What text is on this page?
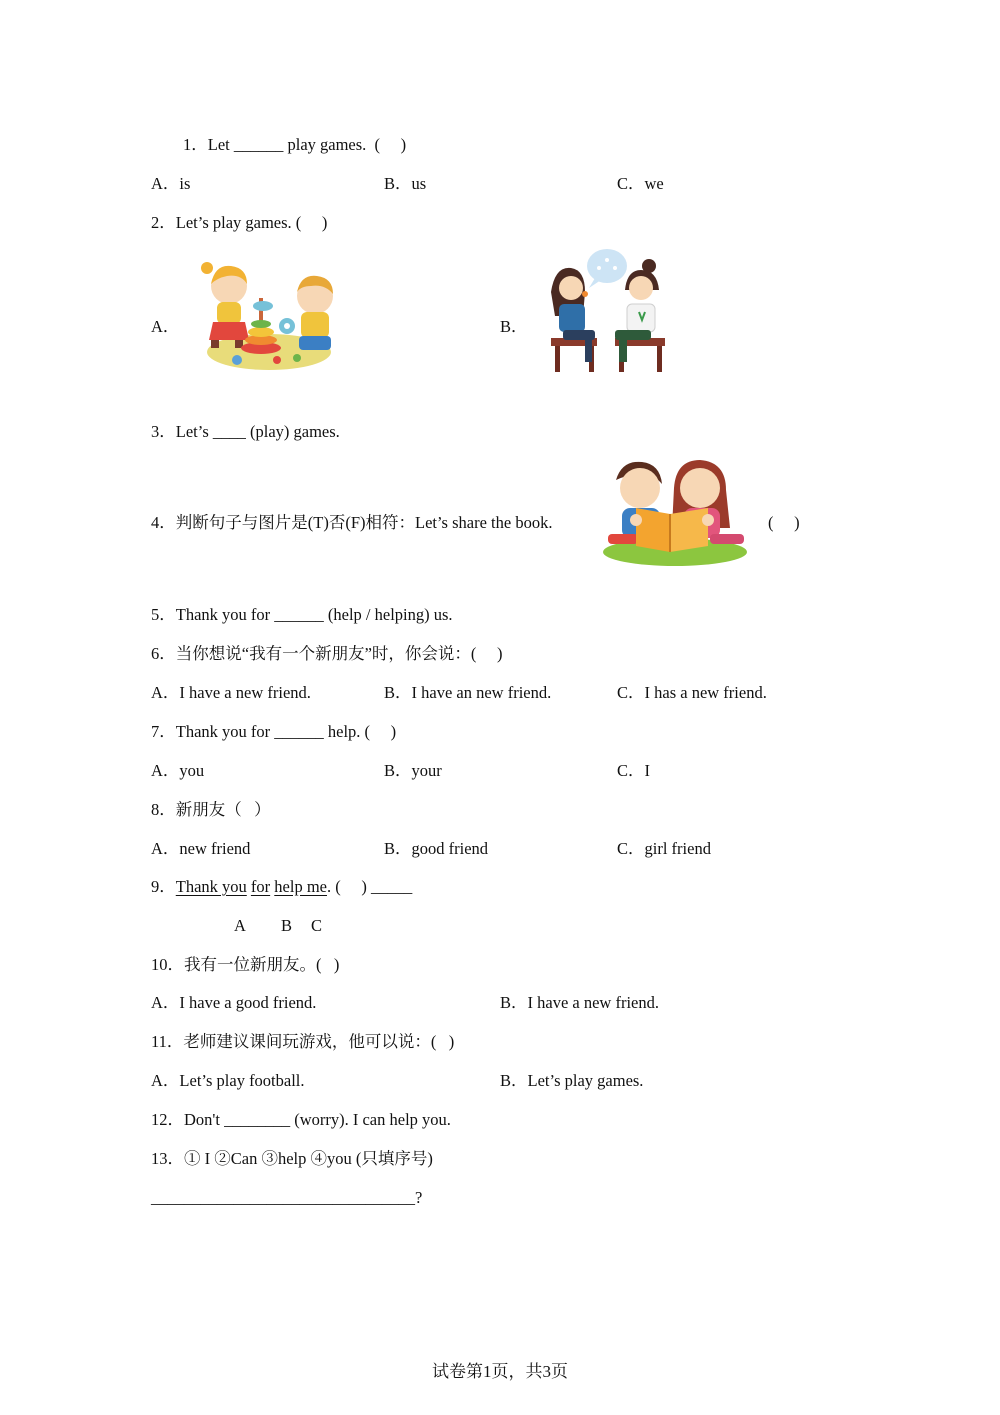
1．Let ______ play games.  (     )
A．is	B．us	C．we
2．Let’s play games. (     )
A．	B．
3．Let’s ____ (play) games.
4．判断句子与图片是(T)否(F)相符：Let’s share the book.	(     )
5．Thank you for ______ (help / helping) us.
6．当你想说“我有一个新朋友”时，你会说：(     )
A．I have a new friend.	B．I have an new friend.	C．I has a new friend.
7．Thank you for ______ help. (     )
A．you	B．your	C．I
8．新朋友（   ）
A．new friend	B．good friend	C．girl friend
9．Thank you for help me. (     ) _____
A B C
10．我有一位新朋友。(   )
A．I have a good friend.	B．I have a new friend.
11．老师建议课间玩游戏，他可以说：(   )
A．Let’s play football.	B．Let’s play games.
12．Don't ________ (worry). I can help you.
13．① I ②Can ③help ④you (只填序号)
________________________________?
试卷第1页，共3页
